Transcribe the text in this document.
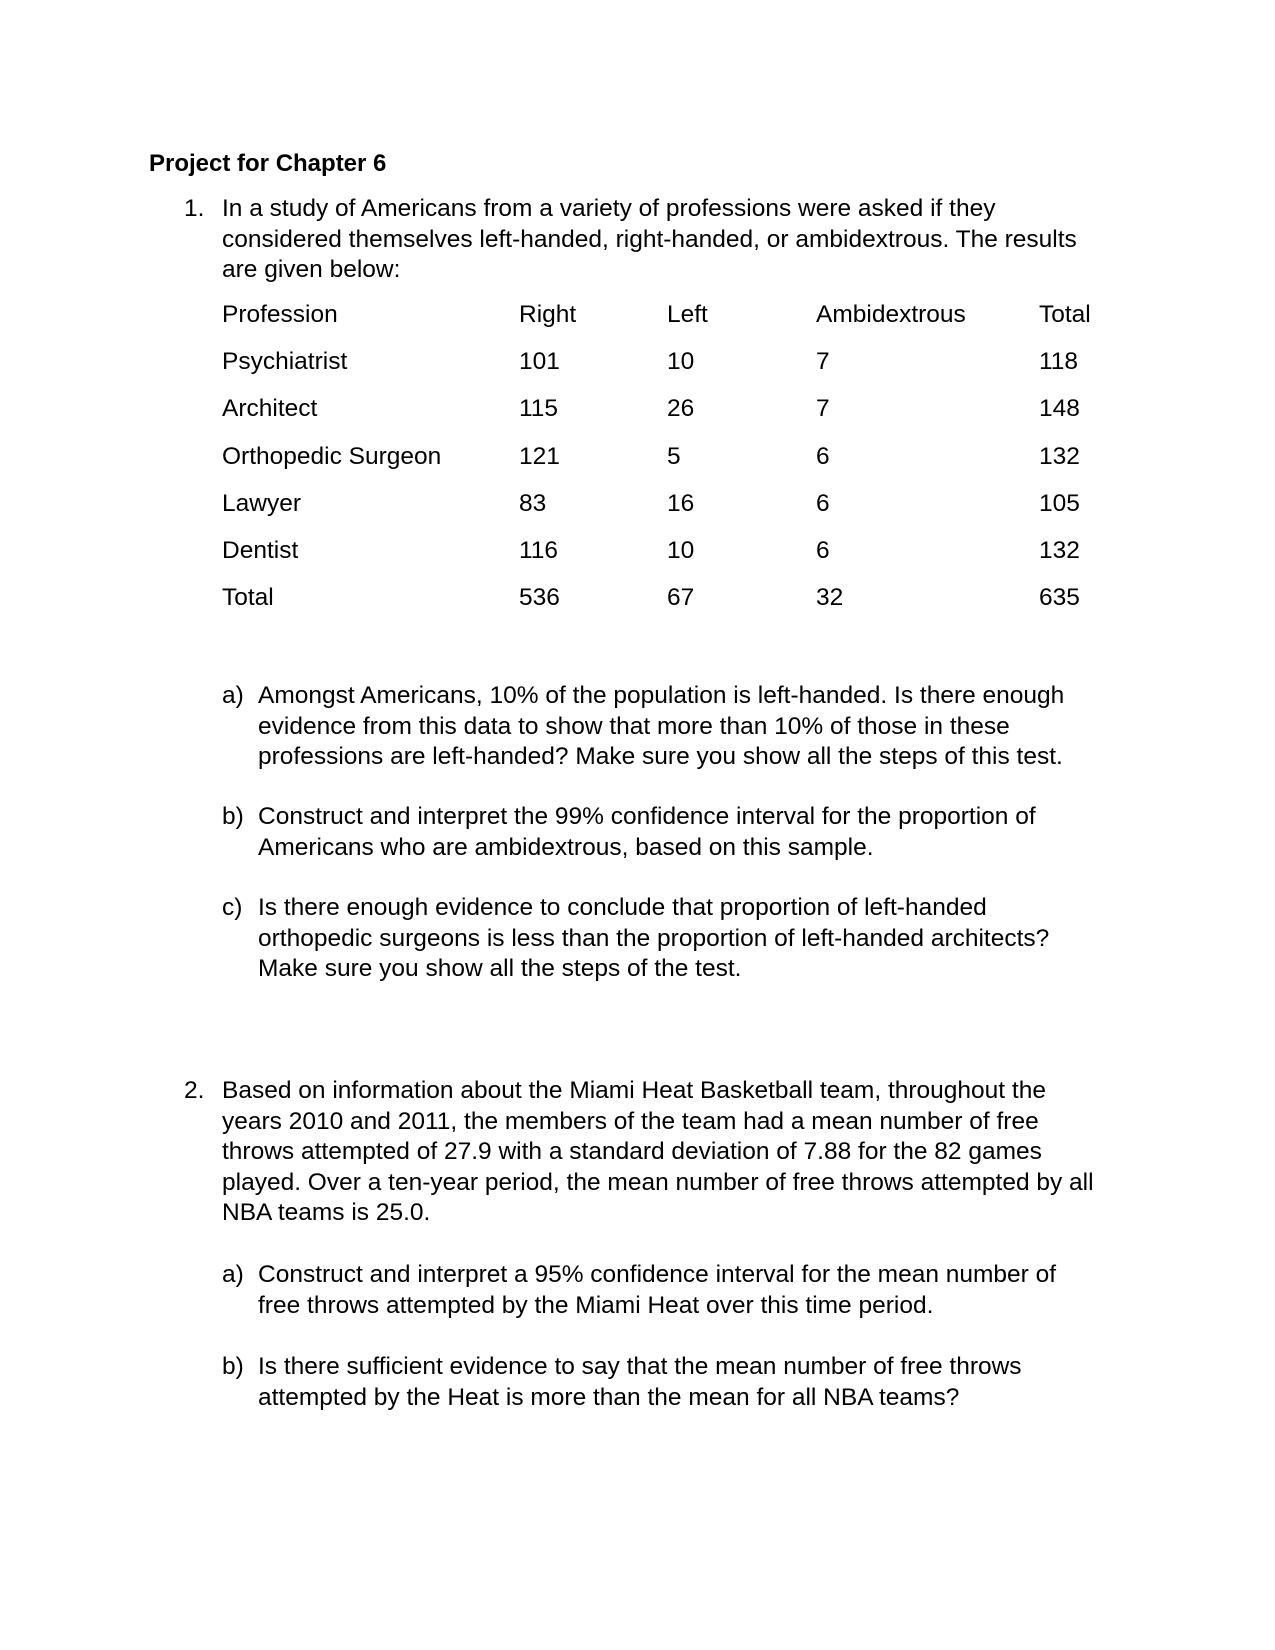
Project for Chapter 6
1. In a study of Americans from a variety of professions were asked if they
considered themselves left-handed, right-handed, or ambidextrous. The results
are given below:
Profession	Right	Left	Ambidextrous	Total
Psychiatrist	101	10	7	118
Architect	115	26	7	148
Orthopedic Surgeon	121	5	6	132
Lawyer	83	16	6	105
Dentist	116	10	6	132
Total	536	67	32	635
a) Amongst Americans, 10% of the population is left-handed. Is there enough
evidence from this data to show that more than 10% of those in these
professions are left-handed? Make sure you show all the steps of this test.
b) Construct and interpret the 99% confidence interval for the proportion of
Americans who are ambidextrous, based on this sample.
c) Is there enough evidence to conclude that proportion of left-handed
orthopedic surgeons is less than the proportion of left-handed architects?
Make sure you show all the steps of the test.
2. Based on information about the Miami Heat Basketball team, throughout the
years 2010 and 2011, the members of the team had a mean number of free
throws attempted of 27.9 with a standard deviation of 7.88 for the 82 games
played. Over a ten-year period, the mean number of free throws attempted by all
NBA teams is 25.0.
a) Construct and interpret a 95% confidence interval for the mean number of
free throws attempted by the Miami Heat over this time period.
b) Is there sufficient evidence to say that the mean number of free throws
attempted by the Heat is more than the mean for all NBA teams?
